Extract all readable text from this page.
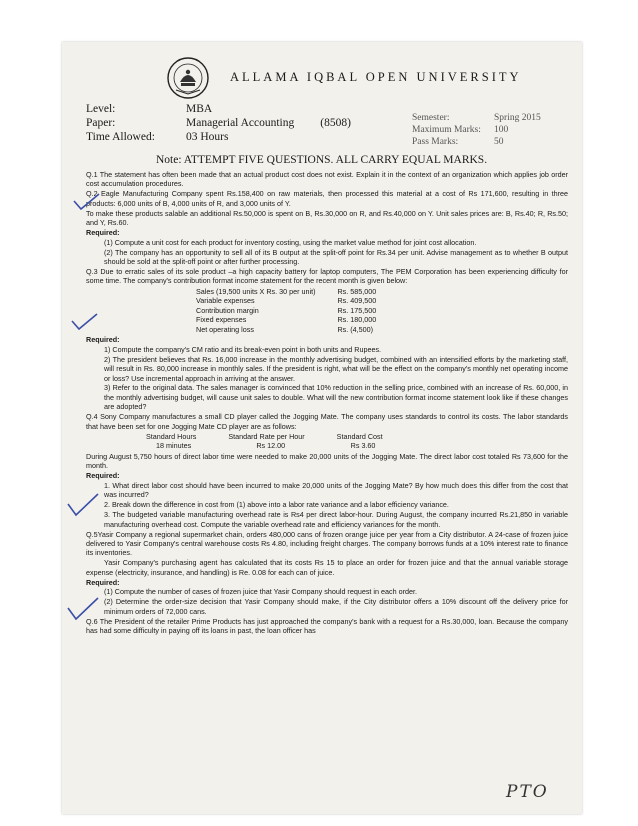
ALLAMA IQBAL OPEN UNIVERSITY
Level:	MBA
Paper:	Managerial Accounting (8508)
Time Allowed:	03 Hours
Semester:	Spring 2015
Maximum Marks:	100
Pass Marks:	50
Note: ATTEMPT FIVE QUESTIONS. ALL CARRY EQUAL MARKS.

Q.1 The statement has often been made that an actual product cost does not exist. Explain it in the context of an organization which applies job order cost accumulation procedures.

Q.2 Eagle Manufacturing Company spent Rs.158,400 on raw materials, then processed this material at a cost of Rs 171,600, resulting in three products: 6,000 units of B, 4,000 units of R, and 3,000 units of Y.

To make these products salable an additional Rs.50,000 is spent on B, Rs.30,000 on R, and Rs.40,000 on Y. Unit sales prices are: B, Rs.40; R, Rs.50; and Y, Rs.60.

Required:

(1) Compute a unit cost for each product for inventory costing, using the market value method for joint cost allocation.

(2) The company has an opportunity to sell all of its B output at the split-off point for Rs.34 per unit. Advise management as to whether B output should be sold at the split-off point or after further processing.

Q.3 Due to erratic sales of its sole product –a high capacity battery for laptop computers, The PEM Corporation has been experiencing difficulty for some time. The company's contribution format income statement for the recent month is given below:

Sales (19,500 units X Rs. 30 per unit)	Rs. 585,000
Variable expenses	Rs. 409,500
Contribution margin	Rs. 175,500
Fixed expenses	Rs. 180,000
Net operating loss	Rs. (4,500)

Required:

1) Compute the company's CM ratio and its break-even point in both units and Rupees.

2) The president believes that Rs. 16,000 increase in the monthly advertising budget, combined with an intensified efforts by the marketing staff, will result in Rs. 80,000 increase in monthly sales. If the president is right, what will be the effect on the company's monthly net operating income or loss? Use incremental approach in arriving at the answer.

3) Refer to the original data. The sales manager is convinced that 10% reduction in the selling price, combined with an increase of Rs. 60,000, in the monthly advertising budget, will cause unit sales to double. What will the new contribution format income statement look like if these changes are adopted?

Q.4 Sony Company manufactures a small CD player called the Jogging Mate. The company uses standards to control its costs. The labor standards that have been set for one Jogging Mate CD player are as follows:

Standard Hours	Standard Rate per Hour	Standard Cost
18 minutes	Rs 12.00	Rs 3.60

During August 5,750 hours of direct labor time were needed to make 20,000 units of the Jogging Mate. The direct labor cost totaled Rs 73,600 for the month.

Required:

1. What direct labor cost should have been incurred to make 20,000 units of the Jogging Mate? By how much does this differ from the cost that was incurred?

2. Break down the difference in cost from (1) above into a labor rate variance and a labor efficiency variance.

3. The budgeted variable manufacturing overhead rate is Rs4 per direct labor-hour. During August, the company incurred Rs.21,850 in variable manufacturing overhead cost. Compute the variable overhead rate and efficiency variances for the month.

Q.5Yasir Company a regional supermarket chain, orders 480,000 cans of frozen orange juice per year from a City distributor. A 24-case of frozen juice delivered to Yasir Company's central warehouse costs Rs 4.80, including freight charges. The company borrows funds at a 10% interest rate to finance its inventories.

Yasir Company's purchasing agent has calculated that its costs Rs 15 to place an order for frozen juice and that the annual variable storage expense (electricity, insurance, and handling) is Re. 0.08 for each can of juice.

Required:

(1) Compute the number of cases of frozen juice that Yasir Company should request in each order.

(2) Determine the order-size decision that Yasir Company should make, if the City distributor offers a 10% discount off the delivery price for minimum orders of 72,000 cans.

Q.6 The President of the retailer Prime Products has just approached the company's bank with a request for a Rs.30,000, loan. Because the company has had some difficulty in paying off its loans in past, the loan officer has

PTO
